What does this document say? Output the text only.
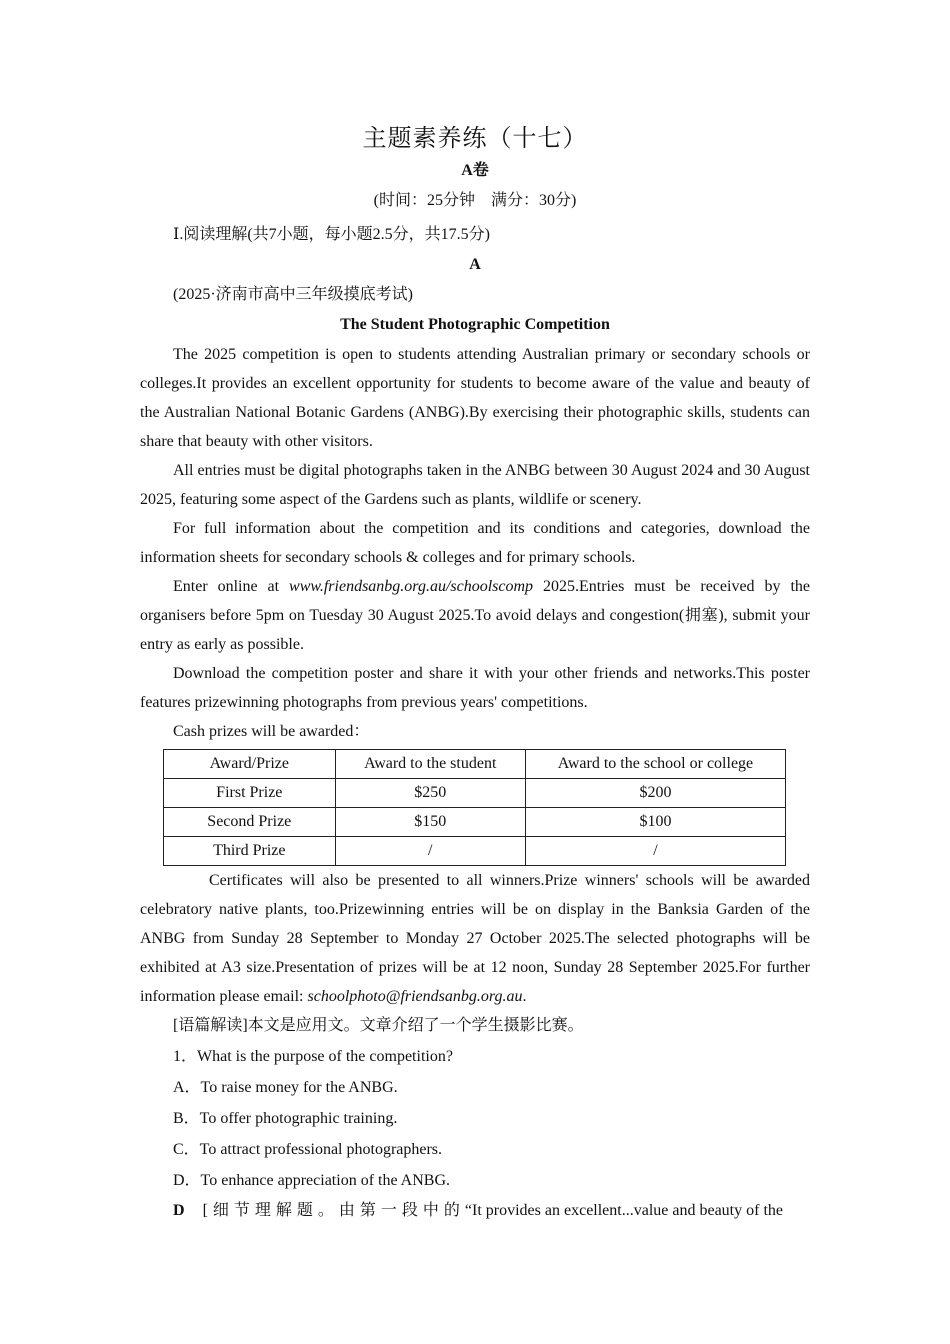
主题素养练（十七）
A卷
(时间：25分钟　满分：30分)
Ⅰ.阅读理解(共7小题，每小题2.5分，共17.5分)
A
(2025·济南市高中三年级摸底考试)
The Student Photographic Competition

The 2025 competition is open to students attending Australian primary or secondary schools or colleges.It provides an excellent opportunity for students to become aware of the value and beauty of the Australian National Botanic Gardens (ANBG).By exercising their photographic skills, students can share that beauty with other visitors.

All entries must be digital photographs taken in the ANBG between 30 August 2024 and 30 August 2025, featuring some aspect of the Gardens such as plants, wildlife or scenery.

For full information about the competition and its conditions and categories, download the information sheets for secondary schools & colleges and for primary schools.

Enter online at www.friendsanbg.org.au/schoolscomp 2025.Entries must be received by the organisers before 5pm on Tuesday 30 August 2025.To avoid delays and congestion(拥塞), submit your entry as early as possible.

Download the competition poster and share it with your other friends and networks.This poster features prizewinning photographs from previous years' competitions.

Cash prizes will be awarded：
Award/Prize	Award to the student	Award to the school or college
First Prize	$250	$200
Second Prize	$150	$100
Third Prize	/	/

Certificates will also be presented to all winners.Prize winners' schools will be awarded celebratory native plants, too.Prizewinning entries will be on display in the Banksia Garden of the ANBG from Sunday 28 September to Monday 27 October 2025.The selected photographs will be exhibited at A3 size.Presentation of prizes will be at 12 noon, Sunday 28 September 2025.For further information please email: schoolphoto@friendsanbg.org.au.

[语篇解读]本文是应用文。文章介绍了一个学生摄影比赛。
1．What is the purpose of the competition?
A．To raise money for the ANBG.
B．To offer photographic training.
C．To attract professional photographers.
D．To enhance appreciation of the ANBG.
D [细节理解题。由第一段中的“It provides an excellent...value and beauty of the
